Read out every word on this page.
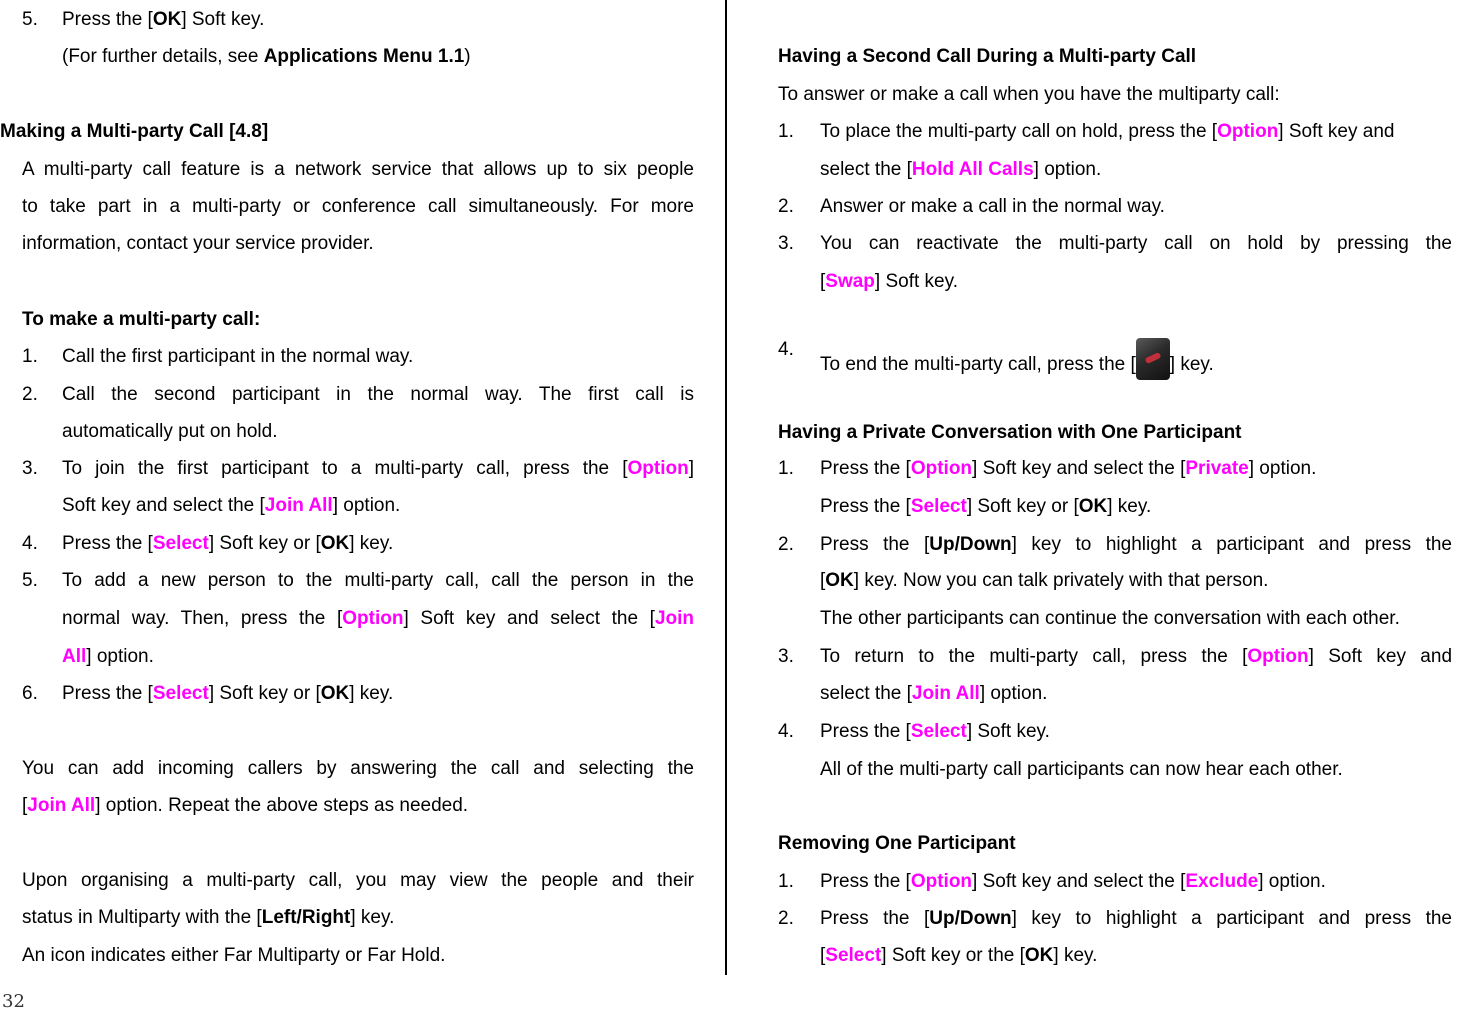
5. Press the [OK] Soft key.
(For further details, see Applications Menu 1.1)
Making a Multi-party Call [4.8]
A multi-party call feature is a network service that allows up to six people
to take part in a multi-party or conference call simultaneously. For more
information, contact your service provider.
To make a multi-party call:
1. Call the first participant in the normal way.
2. Call the second participant in the normal way. The first call is
automatically put on hold.
3. To join the first participant to a multi-party call, press the [Option]
Soft key and select the [Join All] option.
4. Press the [Select] Soft key or [OK] key.
5. To add a new person to the multi-party call, call the person in the
normal way. Then, press the [Option] Soft key and select the [Join
All] option.
6. Press the [Select] Soft key or [OK] key.
You can add incoming callers by answering the call and selecting the
[Join All] option. Repeat the above steps as needed.
Upon organising a multi-party call, you may view the people and their
status in Multiparty with the [Left/Right] key.
An icon indicates either Far Multiparty or Far Hold.
Having a Second Call During a Multi-party Call
To answer or make a call when you have the multiparty call:
1. To place the multi-party call on hold, press the [Option] Soft key and
select the [Hold All Calls] option.
2. Answer or make a call in the normal way.
3. You can reactivate the multi-party call on hold by pressing the
[Swap] Soft key.
4.
To end the multi-party call, press the [ ] key.
Having a Private Conversation with One Participant
1. Press the [Option] Soft key and select the [Private] option.
Press the [Select] Soft key or [OK] key.
2. Press the [Up/Down] key to highlight a participant and press the
[OK] key. Now you can talk privately with that person.
The other participants can continue the conversation with each other.
3. To return to the multi-party call, press the [Option] Soft key and
select the [Join All] option.
4. Press the [Select] Soft key.
All of the multi-party call participants can now hear each other.
Removing One Participant
1. Press the [Option] Soft key and select the [Exclude] option.
2. Press the [Up/Down] key to highlight a participant and press the
[Select] Soft key or the [OK] key.
32
